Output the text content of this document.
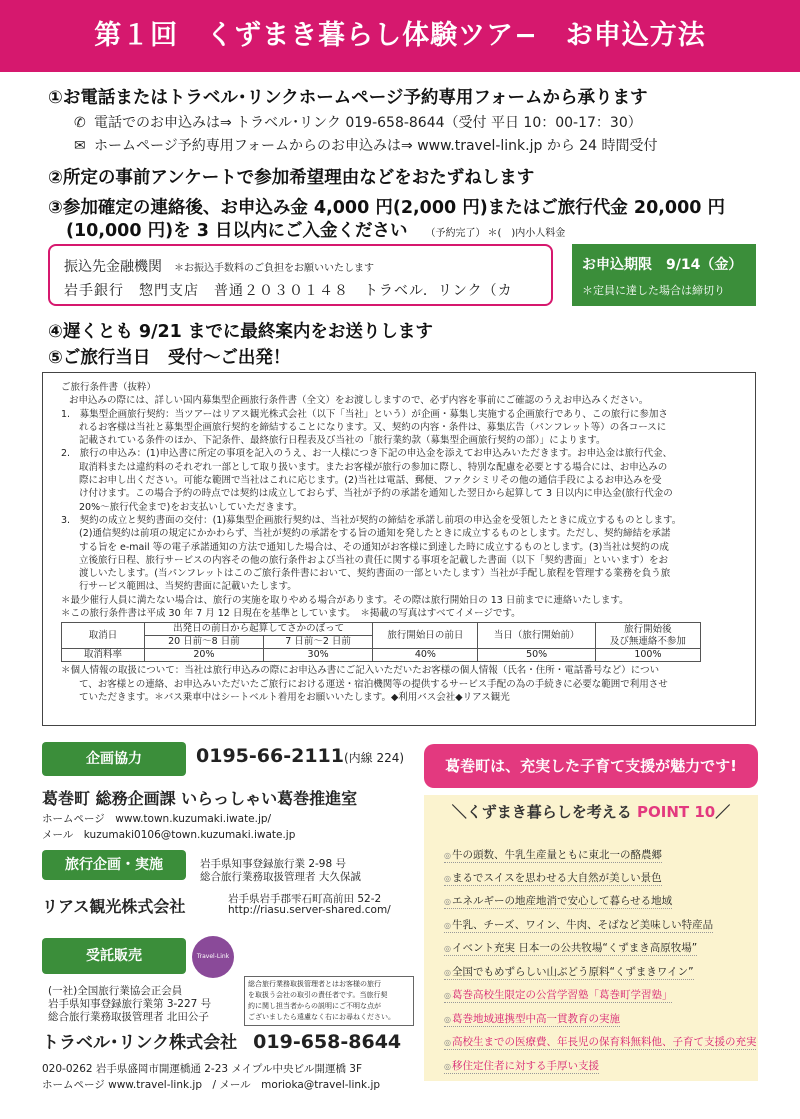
第１回　くずまき暮らし体験ツア−　お申込方法
①お電話またはトラベル･リンクホームページ予約専用フォームから承ります
✆ 電話でのお申込みは⇒ トラベル･リンク 019-658-8644（受付 平日 10：00-17：30）
✉ ホームページ予約専用フォームからのお申込みは⇒ www.travel-link.jp から 24 時間受付
②所定の事前アンケートで参加希望理由などをおたずねします
③参加確定の連絡後、お申込み金 4,000 円(2,000 円)またはご旅行代金 20,000 円
(10,000 円)を 3 日以内にご入金ください （予約完了） ＊(　)内小人料金
振込先金融機関 ＊お振込手数料のご負担をお願いいたします
岩手銀行　惣門支店　普通２０３０１４８　トラベル．リンク（カ
お申込期限　9/14（金）
＊定員に達した場合は締切り
④遅くとも 9/21 までに最終案内をお送りします
⑤ご旅行当日　受付〜ご出発！

ご旅行条件書（抜粋）

お申込みの際には、詳しい国内募集型企画旅行条件書（全文）をお渡ししますので、必ず内容を事前にご確認のうえお申込みください。

1.　募集型企画旅行契約：当ツアーはリアス観光株式会社（以下「当社」という）が企画・募集し実施する企画旅行であり、この旅行に参加さ

れるお客様は当社と募集型企画旅行契約を締結することになります。又、契約の内容・条件は、募集広告（パンフレット等）の各コースに

記載されている条件のほか、下記条件、最終旅行日程表及び当社の「旅行業約款（募集型企画旅行契約の部）」によります。

2.　旅行の申込み：(1)申込書に所定の事項を記入のうえ、お一人様につき下記の申込金を添えてお申込みいただきます。お申込金は旅行代金、

取消料または違約料のそれぞれ一部として取り扱います。またお客様が旅行の参加に際し、特別な配慮を必要とする場合には、お申込みの

際にお申し出ください。可能な範囲で当社はこれに応じます。(2)当社は電話、郵便、ファクシミリその他の通信手段によるお申込みを受

け付けます。この場合予約の時点では契約は成立しておらず、当社が予約の承諾を通知した翌日から起算して 3 日以内に申込金(旅行代金の

20%〜旅行代金まで)をお支払いしていただきます。

3.　契約の成立と契約書面の交付：(1)募集型企画旅行契約は、当社が契約の締結を承諾し前項の申込金を受領したときに成立するものとします。

(2)通信契約は前項の規定にかかわらず、当社が契約の承諾をする旨の通知を発したときに成立するものとします。ただし、契約締結を承諾

する旨を e-mail 等の電子承諾通知の方法で通知した場合は、その通知がお客様に到達した時に成立するものとします。(3)当社は契約の成

立後旅行日程、旅行サービスの内容その他の旅行条件および当社の責任に関する事項を記載した書面（以下「契約書面」といいます）をお

渡しいたします。(当パンフレットはこのご旅行条件書において、契約書面の一部といたします）当社が手配し旅程を管理する業務を負う旅

行サービス範囲は、当契約書面に記載いたします。

＊最少催行人員に満たない場合は、旅行の実施を取りやめる場合があります。その際は旅行開始日の 13 日前までに連絡いたします。

＊この旅行条件書は平成 30 年 7 月 12 日現在を基準としています。　＊掲載の写真はすべてイメージです。

取消日	出発日の前日から起算してさかのぼって		旅行開始日の前日	当日（旅行開始前）	旅行開始後
及び無連絡不参加
	20 日前〜8 日前	7 日前〜2 日前			
取消料率	20%	30%	40%	50%	100%

＊個人情報の取扱について：当社は旅行申込みの際にお申込み書にご記入いただいたお客様の個人情報（氏名・住所・電話番号など）につい

て、お客様との連絡、お申込みいただいたご旅行における運送・宿泊機関等の提供するサービス手配の為の手続きに必要な範囲で利用させ

ていただきます。＊バス乗車中はシートベルト着用をお願いいたします。◆利用バス会社◆リアス観光

企画協力	0195-66-2111(内線 224)
葛巻町 総務企画課 いらっしゃい葛巻推進室
ホームページ　www.town.kuzumaki.iwate.jp/
メール　kuzumaki0106@town.kuzumaki.iwate.jp
旅行企画・実施	岩手県知事登録旅行業 2-98 号
総合旅行業務取扱管理者 大久保誠
リアス観光株式会社	岩手県岩手郡雫石町高前田 52-2
http://riasu.server-shared.com/
受託販売	Travel-Link
(一社)全国旅行業協会正会員
岩手県知事登録旅行業第 3-227 号
総合旅行業務取扱管理者 北田公子
総合旅行業務取扱管理者とはお客様の旅行
を取扱う会社の取引の責任者です。当旅行契
約に関し担当者からの説明にご不明な点が
ございましたら遠慮なく右にお尋ねください。
トラベル･リンク株式会社 019-658-8644
020-0262 岩手県盛岡市開運橋通 2-23 メイプル中央ビル開運橋 3F
ホームページ www.travel-link.jp　/ メール　morioka@travel-link.jp
葛巻町は、充実した子育て支援が魅力です!
＼くずまき暮らしを考える POINT 10／
◎ 牛の頭数、牛乳生産量ともに東北一の酪農郷
◎ まるでスイスを思わせる大自然が美しい景色
◎ エネルギーの地産地消で安心して暮らせる地域
◎ 牛乳、チーズ、ワイン、牛肉、そばなど美味しい特産品
◎ イベント充実 日本一の公共牧場“くずまき高原牧場”
◎ 全国でもめずらしい山ぶどう原料“くずまきワイン”
◎ 葛巻高校生限定の公営学習塾「葛巻町学習塾」
◎ 葛巻地域連携型中高一貫教育の実施
◎ 高校生までの医療費、年長児の保育料無料他、子育て支援の充実
◎ 移住定住者に対する手厚い支援
